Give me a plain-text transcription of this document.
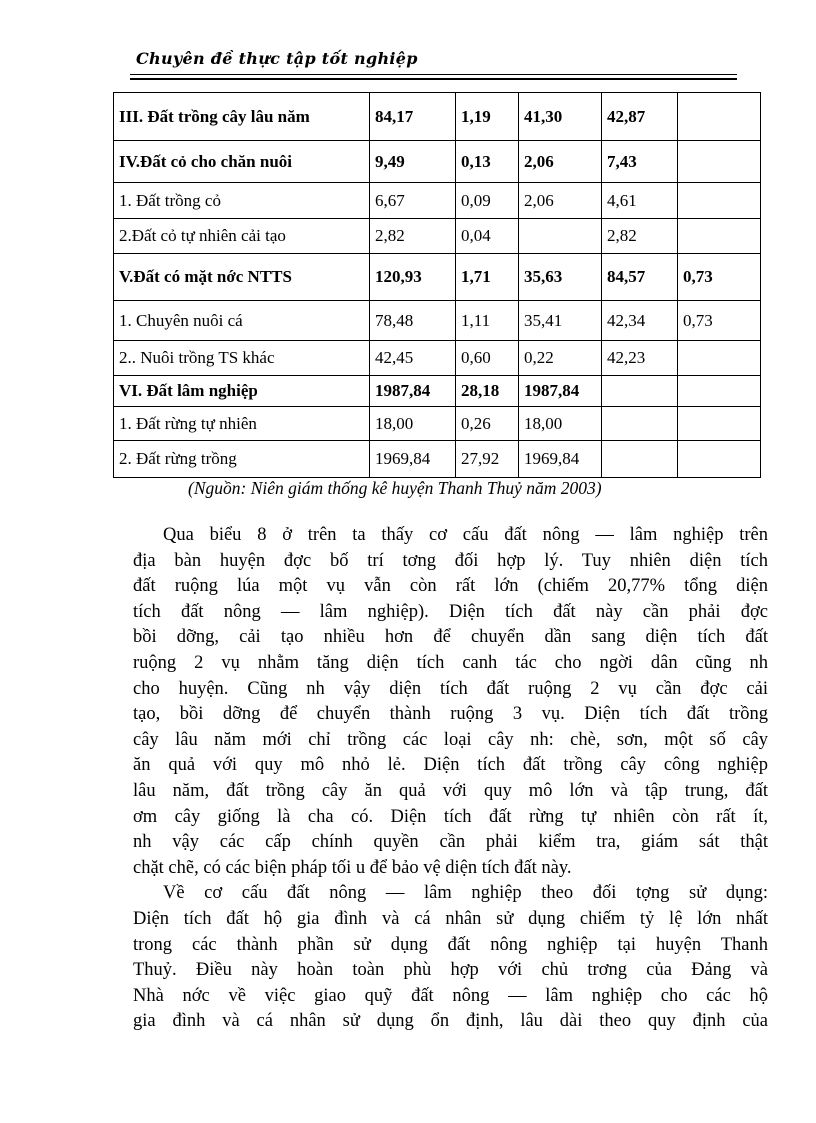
Chuyên đề thực tập tốt nghiệp
III. Đất trồng cây lâu năm	84,17	1,19	41,30	42,87	
IV.Đất cỏ cho chăn nuôi	9,49	0,13	2,06	7,43	
1. Đất trồng cỏ	6,67	0,09	2,06	4,61	
2.Đất cỏ tự nhiên cải tạo	2,82	0,04		2,82	
V.Đất có mặt nớc NTTS	120,93	1,71	35,63	84,57	0,73
1. Chuyên nuôi cá	78,48	1,11	35,41	42,34	0,73
2.. Nuôi trồng TS khác	42,45	0,60	0,22	42,23	
VI. Đất lâm nghiệp	1987,84	28,18	1987,84		
1. Đất rừng tự nhiên	18,00	0,26	18,00		
2. Đất rừng trồng	1969,84	27,92	1969,84		
(Nguồn: Niên giám thống kê huyện Thanh Thuỷ năm 2003)
Qua biểu 8 ở trên ta thấy cơ cấu đất nông — lâm nghiệp trên
địa bàn huyện đợc bố trí tơng đối hợp lý. Tuy nhiên diện tích
đất ruộng lúa một vụ vẫn còn rất lớn (chiếm 20,77% tổng diện
tích đất nông — lâm nghiệp). Diện tích đất này cần phải đợc
bồi dỡng, cải tạo nhiều hơn để chuyển dần sang diện tích đất
ruộng 2 vụ nhằm tăng diện tích canh tác cho ngời dân cũng nh
cho huyện. Cũng nh vậy diện tích đất ruộng 2 vụ cần đợc cải
tạo, bồi dỡng để chuyển thành ruộng 3 vụ. Diện tích đất trồng
cây lâu năm mới chỉ trồng các loại cây nh: chè, sơn, một số cây
ăn quả với quy mô nhỏ lẻ. Diện tích đất trồng cây công nghiệp
lâu năm, đất trồng cây ăn quả với quy mô lớn và tập trung, đất
ơm cây giống là cha có. Diện tích đất rừng tự nhiên còn rất ít,
nh vậy các cấp chính quyền cần phải kiểm tra, giám sát thật
chặt chẽ, có các biện pháp tối u để bảo vệ diện tích đất này.
Về cơ cấu đất nông — lâm nghiệp theo đối tợng sử dụng:
Diện tích đất hộ gia đình và cá nhân sử dụng chiếm tỷ lệ lớn nhất
trong các thành phần sử dụng đất nông nghiệp tại huyện Thanh
Thuỷ. Điều này hoàn toàn phù hợp với chủ trơng của Đảng và
Nhà nớc về việc giao quỹ đất nông — lâm nghiệp cho các hộ
gia đình và cá nhân sử dụng ổn định, lâu dài theo quy định của
